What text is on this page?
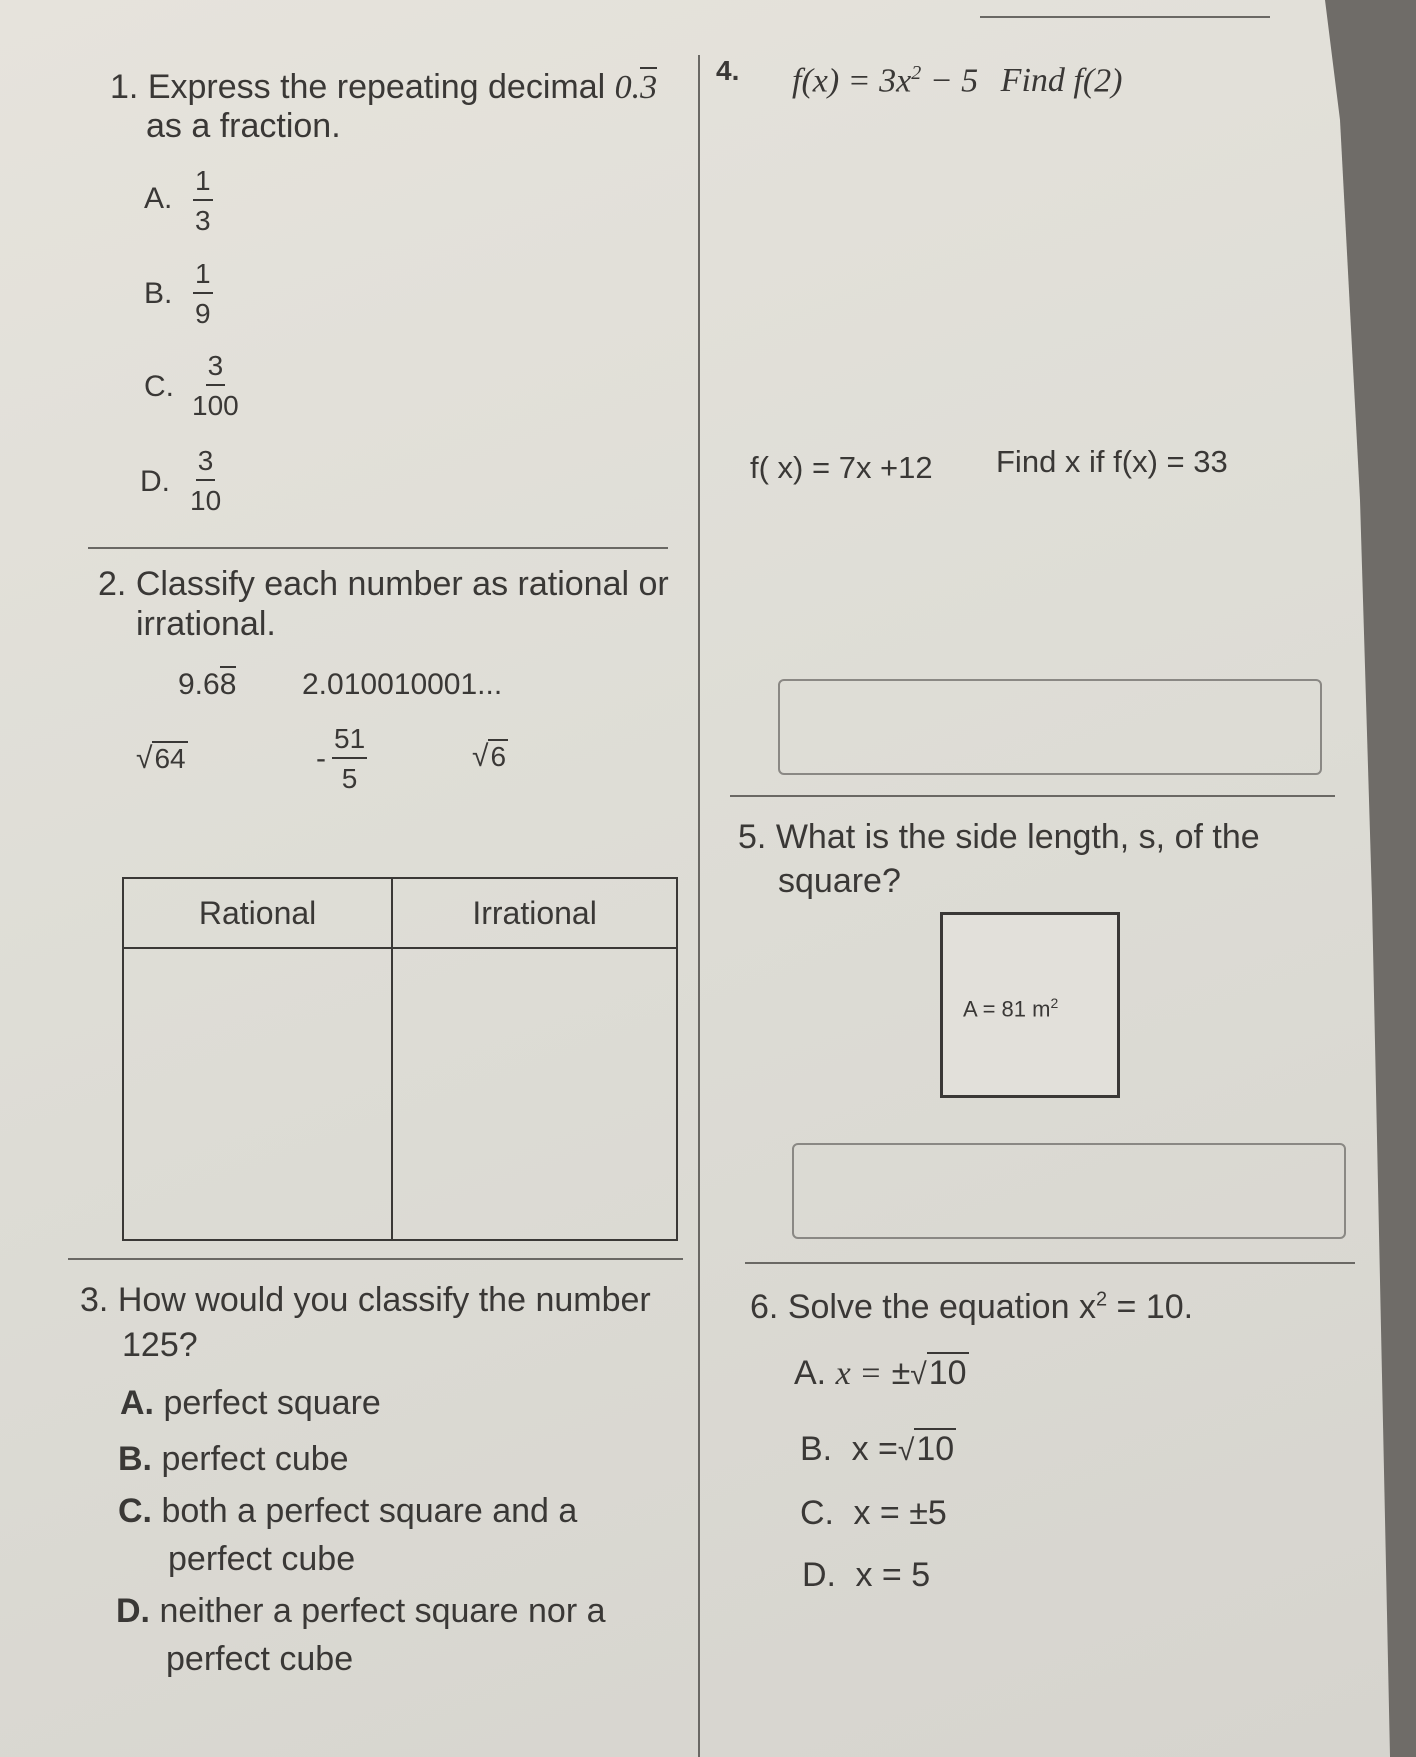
1. Express the repeating decimal 0.3
as a fraction.
A. $\frac{1}{3}$
B. $\frac{1}{9}$
C. $\frac{3}{100}$
D. $\frac{3}{10}$
2. Classify each number as rational or
irrational.
9.68 2.010010001...
√64	- $\frac{51}{5}$	√6
Rational	Irrational

3. How would you classify the number
125?
A. perfect square
B. perfect cube
C. both a perfect square and a
perfect cube
D. neither a perfect square nor a
perfect cube
4. $f(x) = 3x^2 - 5$ Find f(2)
f( x) = 7x +12 Find x if f(x) = 33
5. What is the side length, s, of the
square?
A = 81 $m^2$
6. Solve the equation $x^2 = 10$.
A. x = ±√10
B. x =√10
C. x = ±5
D. x = 5
